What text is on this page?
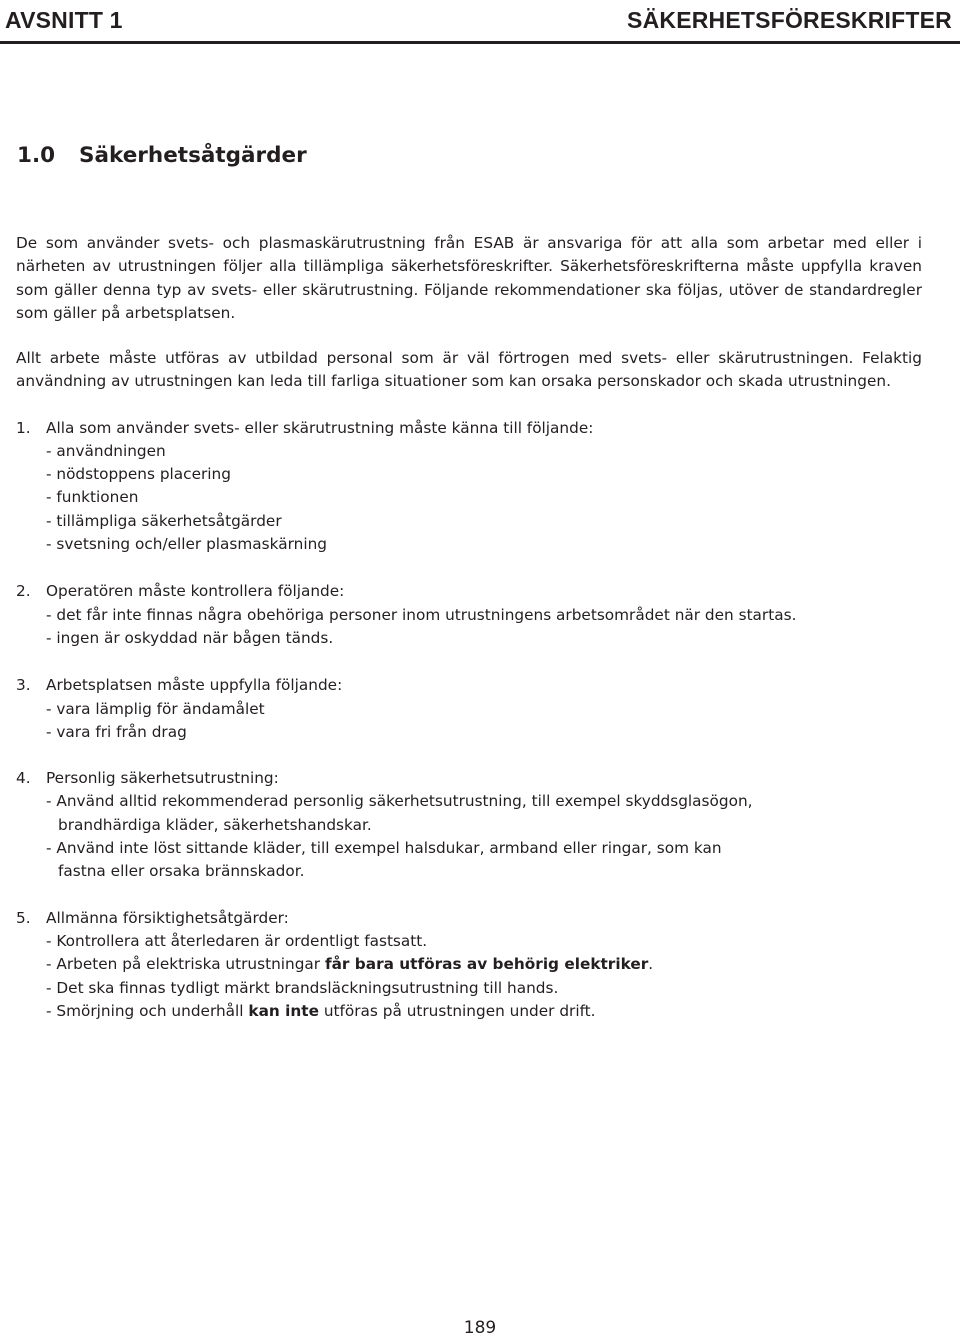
AVSNITT 1	SÄKERHETSFÖRESKRIFTER
1.0 Säkerhetsåtgärder

De som använder svets- och plasmaskärutrustning från ESAB är ansvariga för att alla som arbetar med eller i närheten av utrustningen följer alla tillämpliga säkerhetsföreskrifter. Säkerhetsföreskrifterna måste uppfylla kraven som gäller denna typ av svets- eller skärutrustning. Följande rekommendationer ska följas, utöver de standardregler som gäller på arbetsplatsen.

Allt arbete måste utföras av utbildad personal som är väl förtrogen med svets- eller skärutrustningen. Felaktig användning av utrustningen kan leda till farliga situationer som kan orsaka personskador och skada utrustningen.

1. Alla som använder svets- eller skärutrustning måste känna till följande:
- användningen
- nödstoppens placering
- funktionen
- tillämpliga säkerhetsåtgärder
- svetsning och/eller plasmaskärning
2. Operatören måste kontrollera följande:
- det får inte finnas några obehöriga personer inom utrustningens arbetsområdet när den startas.
- ingen är oskyddad när bågen tänds.
3. Arbetsplatsen måste uppfylla följande:
- vara lämplig för ändamålet
- vara fri från drag
4. Personlig säkerhetsutrustning:
- Använd alltid rekommenderad personlig säkerhetsutrustning, till exempel skyddsglasögon,
brandhärdiga kläder, säkerhetshandskar.
- Använd inte löst sittande kläder, till exempel halsdukar, armband eller ringar, som kan
fastna eller orsaka brännskador.
5. Allmänna försiktighetsåtgärder:
- Kontrollera att återledaren är ordentligt fastsatt.
- Arbeten på elektriska utrustningar får bara utföras av behörig elektriker.
- Det ska finnas tydligt märkt brandsläckningsutrustning till hands.
- Smörjning och underhåll kan inte utföras på utrustningen under drift.
189
